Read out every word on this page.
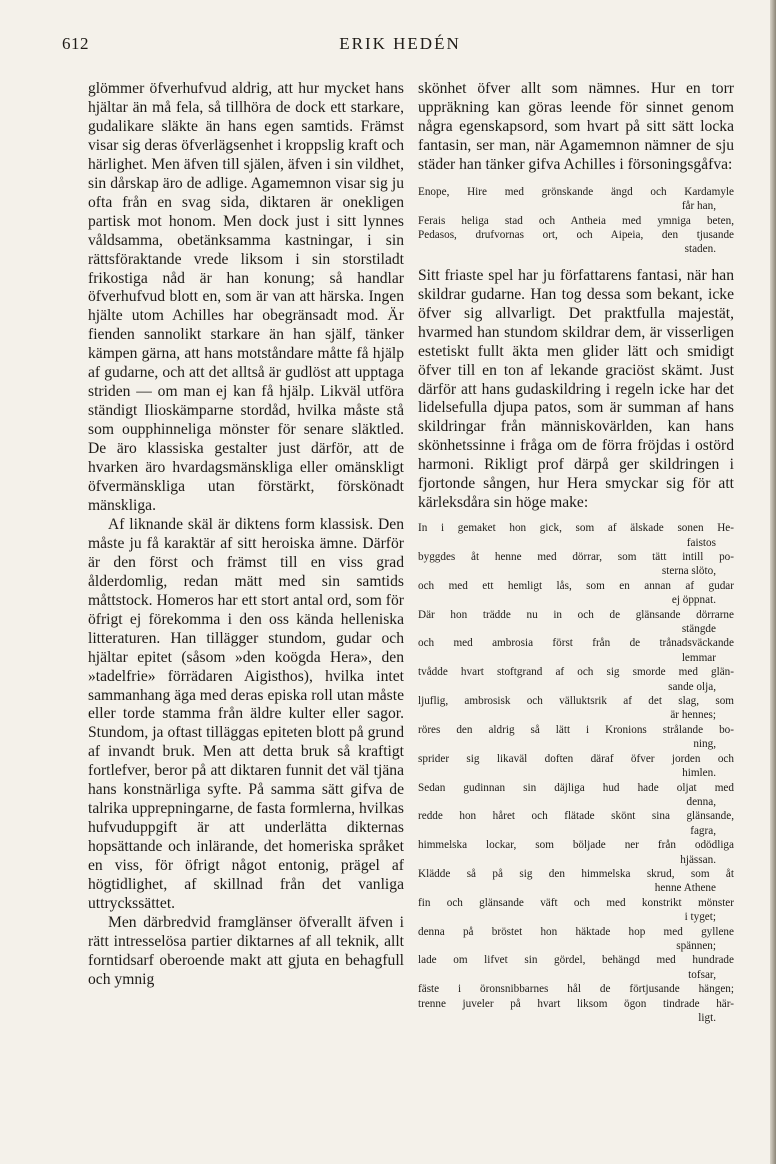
612	ERIK HEDÉN

glömmer öfverhufvud aldrig, att hur mycket hans hjältar än må fela, så tillhöra de dock ett starkare, gudalikare släkte än hans egen samtids. Främst visar sig deras öfverlägsenhet i kroppslig kraft och härlighet. Men äfven till själen, äfven i sin vildhet, sin dårskap äro de adlige. Agamemnon visar sig ju ofta från en svag sida, diktaren är onekligen partisk mot honom. Men dock just i sitt lynnes våldsamma, obetänksamma kastningar, i sin rättsföraktande vrede liksom i sin storstiladt frikostiga nåd är han konung; så handlar öfverhufvud blott en, som är van att härska. Ingen hjälte utom Achilles har obegränsadt mod. Är fienden sannolikt starkare än han själf, tänker kämpen gärna, att hans motståndare måtte få hjälp af gudarne, och att det alltså är gudlöst att upptaga striden — om man ej kan få hjälp. Likväl utföra ständigt Ilioskämparne stordåd, hvilka måste stå som oupphinneliga mönster för senare släktled. De äro klassiska gestalter just därför, att de hvarken äro hvardagsmänskliga eller omänskligt öfvermänskliga utan förstärkt, förskönadt mänskliga.

Af liknande skäl är diktens form klassisk. Den måste ju få karaktär af sitt heroiska ämne. Därför är den först och främst till en viss grad ålderdomlig, redan mätt med sin samtids måttstock. Homeros har ett stort antal ord, som för öfrigt ej förekomma i den oss kända helleniska litteraturen. Han tillägger stundom, gudar och hjältar epitet (såsom »den koögda Hera», den »tadelfrie» förrädaren Aigisthos), hvilka intet sammanhang äga med deras episka roll utan måste eller torde stamma från äldre kulter eller sagor. Stundom, ja oftast tilläggas epiteten blott på grund af invandt bruk. Men att detta bruk så kraftigt fortlefver, beror på att diktaren funnit det väl tjäna hans konstnärliga syfte. På samma sätt gifva de talrika upprepningarne, de fasta formlerna, hvilkas hufvuduppgift är att underlätta dikternas hopsättande och inlärande, det homeriska språket en viss, för öfrigt något entonig, prägel af högtidlighet, af skillnad från det vanliga uttryckssättet.

Men därbredvid framglänser öfverallt äfven i rätt intresselösa partier diktarnes af all teknik, allt forntidsarf oberoende makt att gjuta en behagfull och ymnig

skönhet öfver allt som nämnes. Hur en torr uppräkning kan göras leende för sinnet genom några egenskapsord, som hvart på sitt sätt locka fantasin, ser man, när Agamemnon nämner de sju städer han tänker gifva Achilles i försoningsgåfva:

Enope, Hire med grönskande ängd och Kardamyle
får han,
Ferais heliga stad och Antheia med ymniga beten,
Pedasos, drufvornas ort, och Aipeia, den tjusande
staden.

Sitt friaste spel har ju författarens fantasi, när han skildrar gudarne. Han tog dessa som bekant, icke öfver sig allvarligt. Det praktfulla majestät, hvarmed han stundom skildrar dem, är visserligen estetiskt fullt äkta men glider lätt och smidigt öfver till en ton af lekande graciöst skämt. Just därför att hans gudaskildring i regeln icke har det lidelsefulla djupa patos, som är summan af hans skildringar från människovärlden, kan hans skönhetssinne i fråga om de förra fröjdas i ostörd harmoni. Rikligt prof därpå ger skildringen i fjortonde sången, hur Hera smyckar sig för att kärleksdåra sin höge make:

In i gemaket hon gick, som af älskade sonen He-
faistos
byggdes åt henne med dörrar, som tätt intill po-
sterna slöto,
och med ett hemligt lås, som en annan af gudar
ej öppnat.
Där hon trädde nu in och de glänsande dörrarne
stängde
och med ambrosia först från de trånadsväckande
lemmar
tvådde hvart stoftgrand af och sig smorde med glän-
sande olja,
ljuflig, ambrosisk och välluktsrik af det slag, som
är hennes;
röres den aldrig så lätt i Kronions strålande bo-
ning,
sprider sig likaväl doften däraf öfver jorden och
himlen.
Sedan gudinnan sin däjliga hud hade oljat med
denna,
redde hon håret och flätade skönt sina glänsande,
fagra,
himmelska lockar, som böljade ner från odödliga
hjässan.
Klädde så på sig den himmelska skrud, som åt
henne Athene
fin och glänsande väft och med konstrikt mönster
i tyget;
denna på bröstet hon häktade hop med gyllene
spännen;
lade om lifvet sin gördel, behängd med hundrade
tofsar,
fäste i öronsnibbarnes hål de förtjusande hängen;
trenne juveler på hvart liksom ögon tindrade här-
ligt.
